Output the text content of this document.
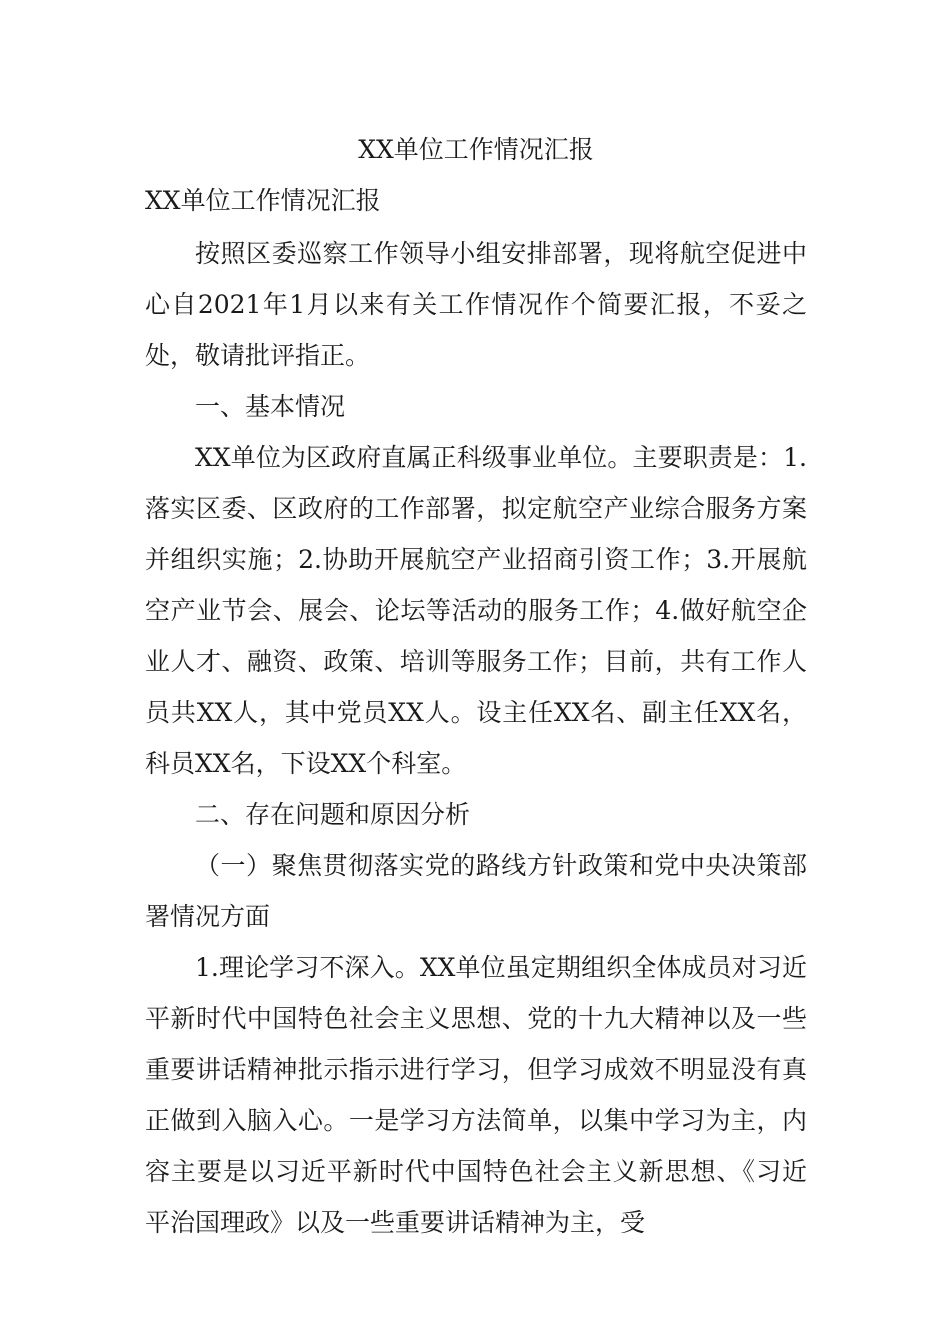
XX单位工作情况汇报
XX单位工作情况汇报

按照区委巡察工作领导小组安排部署，现将航空促进中心自2021年1月以来有关工作情况作个简要汇报，不妥之处，敬请批评指正。

一、基本情况

XX单位为区政府直属正科级事业单位。主要职责是：1.落实区委、区政府的工作部署，拟定航空产业综合服务方案并组织实施；2.协助开展航空产业招商引资工作；3.开展航空产业节会、展会、论坛等活动的服务工作；4.做好航空企业人才、融资、政策、培训等服务工作；目前，共有工作人员共XX人，其中党员XX人。设主任XX名、副主任XX名，科员XX名，下设XX个科室。

二、存在问题和原因分析

（一）聚焦贯彻落实党的路线方针政策和党中央决策部署情况方面

1.理论学习不深入。XX单位虽定期组织全体成员对习近平新时代中国特色社会主义思想、党的十九大精神以及一些重要讲话精神批示指示进行学习，但学习成效不明显没有真正做到入脑入心。一是学习方法简单，以集中学习为主，内容主要是以习近平新时代中国特色社会主义新思想、《习近平治国理政》以及一些重要讲话精神为主，受
